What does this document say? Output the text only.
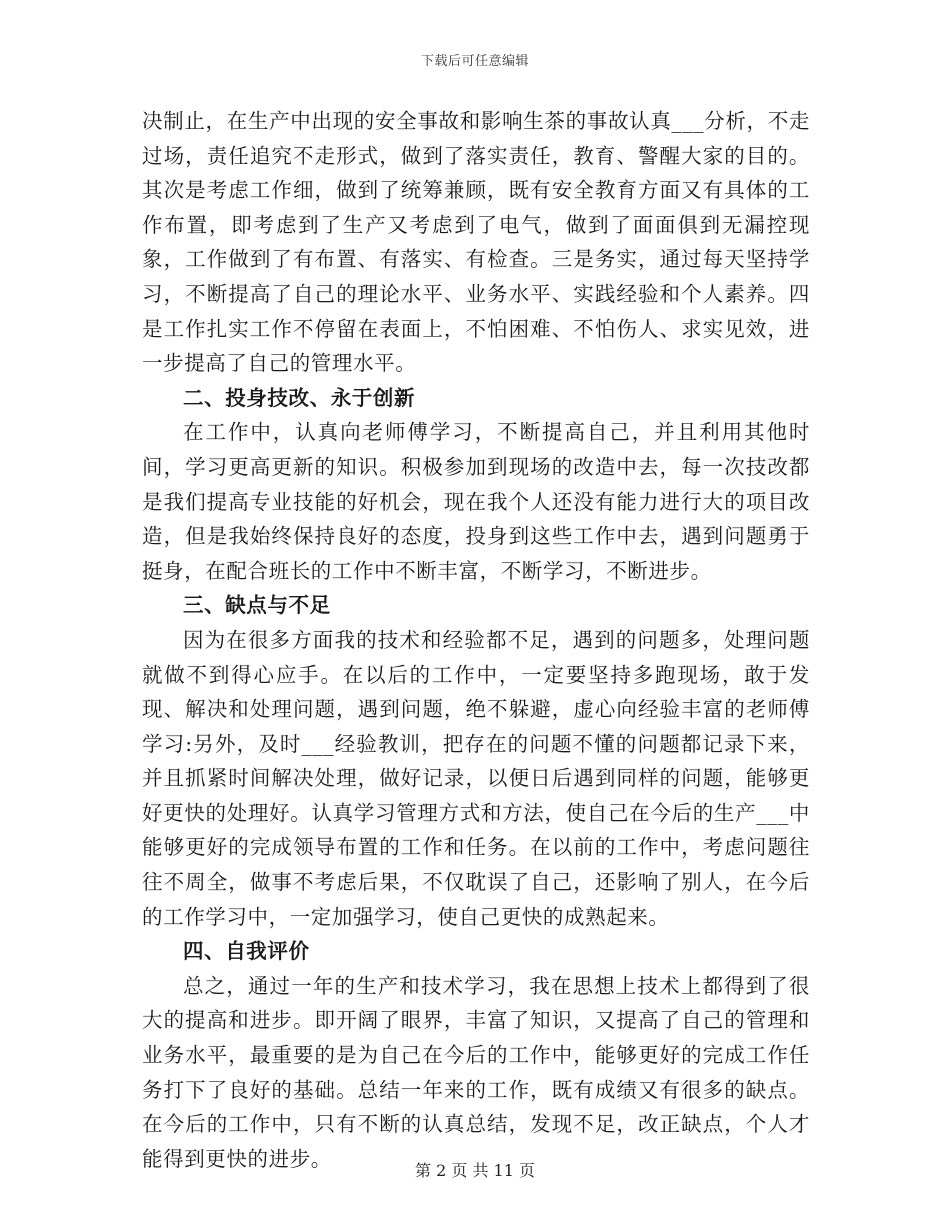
下载后可任意编辑

决制止，在生产中出现的安全事故和影响生茶的事故认真___分析，不走过场，责任追究不走形式，做到了落实责任，教育、警醒大家的目的。其次是考虑工作细，做到了统筹兼顾，既有安全教育方面又有具体的工作布置，即考虑到了生产又考虑到了电气，做到了面面俱到无漏控现象，工作做到了有布置、有落实、有检查。三是务实，通过每天坚持学习，不断提高了自己的理论水平、业务水平、实践经验和个人素养。四是工作扎实工作不停留在表面上，不怕困难、不怕伤人、求实见效，进一步提高了自己的管理水平。

二、投身技改、永于创新

在工作中，认真向老师傅学习，不断提高自己，并且利用其他时间，学习更高更新的知识。积极参加到现场的改造中去，每一次技改都是我们提高专业技能的好机会，现在我个人还没有能力进行大的项目改造，但是我始终保持良好的态度，投身到这些工作中去，遇到问题勇于挺身，在配合班长的工作中不断丰富，不断学习，不断进步。

三、缺点与不足

因为在很多方面我的技术和经验都不足，遇到的问题多，处理问题就做不到得心应手。在以后的工作中，一定要坚持多跑现场，敢于发现、解决和处理问题，遇到问题，绝不躲避，虚心向经验丰富的老师傅学习:另外，及时___经验教训，把存在的问题不懂的问题都记录下来，并且抓紧时间解决处理，做好记录，以便日后遇到同样的问题，能够更好更快的处理好。认真学习管理方式和方法，使自己在今后的生产___中能够更好的完成领导布置的工作和任务。在以前的工作中，考虑问题往往不周全，做事不考虑后果，不仅耽误了自己，还影响了别人，在今后的工作学习中，一定加强学习，使自己更快的成熟起来。

四、自我评价

总之，通过一年的生产和技术学习，我在思想上技术上都得到了很大的提高和进步。即开阔了眼界，丰富了知识，又提高了自己的管理和业务水平，最重要的是为自己在今后的工作中，能够更好的完成工作任务打下了良好的基础。总结一年来的工作，既有成绩又有很多的缺点。在今后的工作中，只有不断的认真总结，发现不足，改正缺点，个人才能得到更快的进步。	第 2 页 共 11 页
